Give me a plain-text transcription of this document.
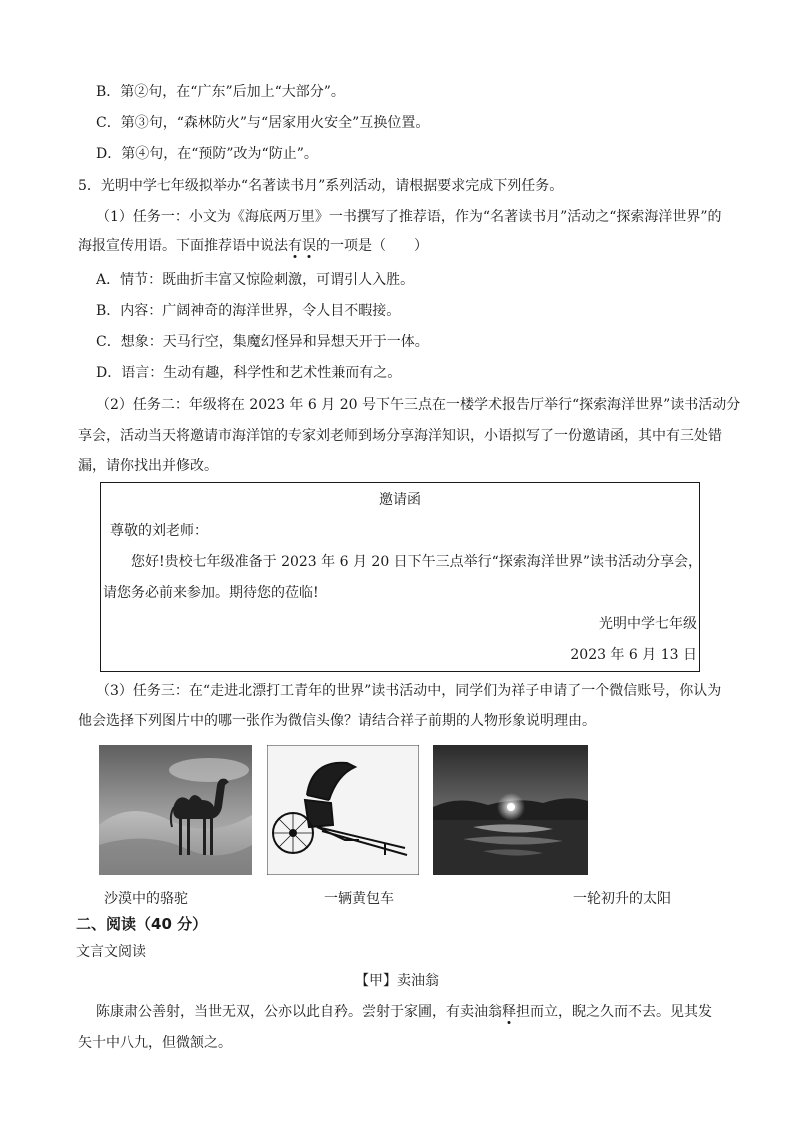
B．第②句，在“广东”后加上“大部分”。
C．第③句，“森林防火”与“居家用火安全”互换位置。
D．第④句，在“预防”改为“防止”。
5．光明中学七年级拟举办“名著读书月”系列活动，请根据要求完成下列任务。
（1）任务一：小文为《海底两万里》一书撰写了推荐语，作为“名著读书月”活动之“探索海洋世界”的
海报宣传用语。下面推荐语中说法有误的一项是（　　）
A．情节：既曲折丰富又惊险刺激，可谓引人入胜。
B．内容：广阔神奇的海洋世界，令人目不暇接。
C．想象：天马行空，集魔幻怪异和异想天开于一体。
D．语言：生动有趣，科学性和艺术性兼而有之。
（2）任务二：年级将在 2023 年 6 月 20 号下午三点在一楼学术报告厅举行“探索海洋世界”读书活动分
享会，活动当天将邀请市海洋馆的专家刘老师到场分享海洋知识，小语拟写了一份邀请函，其中有三处错
漏，请你找出并修改。
邀请函
尊敬的刘老师：
您好!贵校七年级准备于 2023 年 6 月 20 日下午三点举行“探索海洋世界”读书活动分享会，
请您务必前来参加。期待您的莅临!
光明中学七年级
2023 年 6 月 13 日
（3）任务三：在“走进北漂打工青年的世界”读书活动中，同学们为祥子申请了一个微信账号，你认为
他会选择下列图片中的哪一张作为微信头像？请结合祥子前期的人物形象说明理由。
沙漠中的骆驼	一辆黄包车	一轮初升的太阳
二、阅读（40 分）
文言文阅读
【甲】卖油翁
陈康肃公善射，当世无双，公亦以此自矜。尝射于家圃，有卖油翁释担而立，睨之久而不去。见其发
矢十中八九，但微颔之。
